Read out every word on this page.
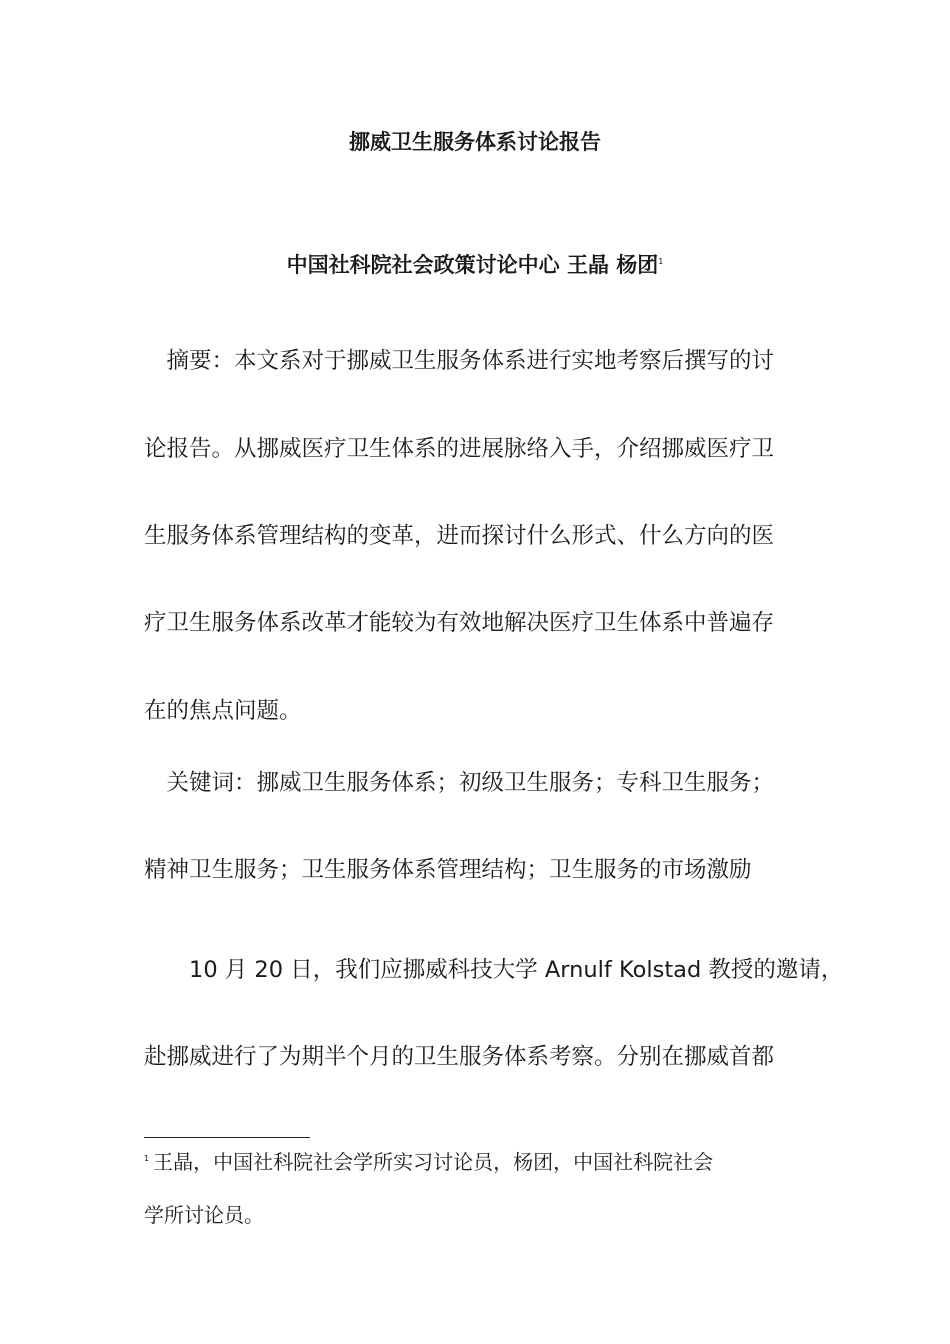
挪威卫生服务体系讨论报告
中国社科院社会政策讨论中心 王晶 杨团$^1$
　摘要：本文系对于挪威卫生服务体系进行实地考察后撰写的讨
论报告。从挪威医疗卫生体系的进展脉络入手，介绍挪威医疗卫
生服务体系管理结构的变革，进而探讨什么形式、什么方向的医
疗卫生服务体系改革才能较为有效地解决医疗卫生体系中普遍存
在的焦点问题。
　关键词：挪威卫生服务体系；初级卫生服务；专科卫生服务；
精神卫生服务；卫生服务体系管理结构；卫生服务的市场激励
　　10 月 20 日，我们应挪威科技大学 Arnulf Kolstad 教授的邀请，
赴挪威进行了为期半个月的卫生服务体系考察。分别在挪威首都
$^1$ 王晶，中国社科院社会学所实习讨论员，杨团，中国社科院社会
学所讨论员。
